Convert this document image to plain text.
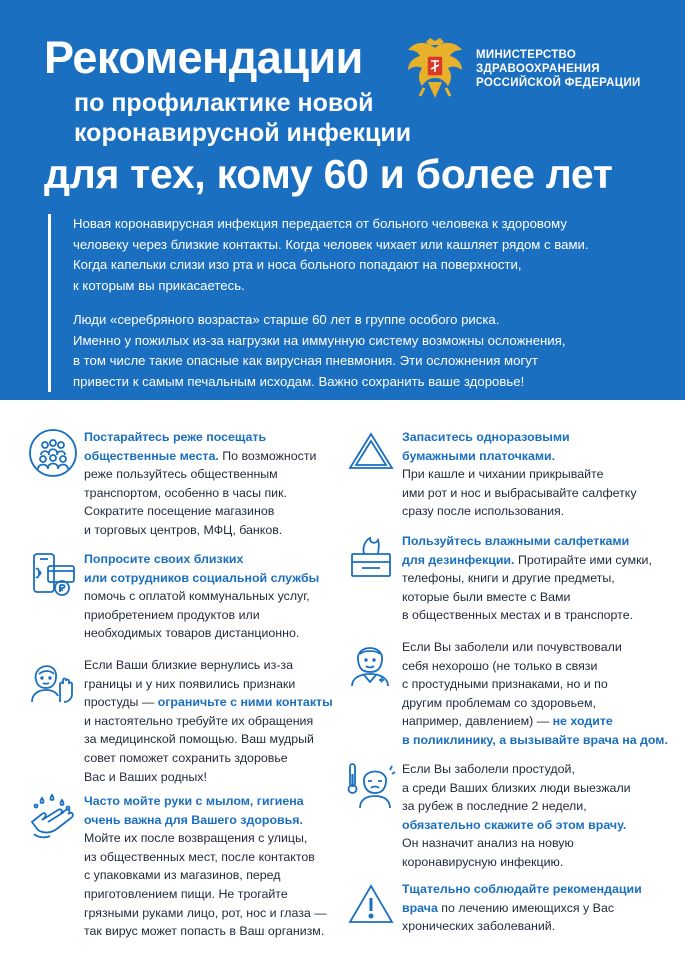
Рекомендации
по профилактике новой
коронавирусной инфекции
для тех, кому 60 и более лет
МИНИСТЕРСТВО
ЗДРАВООХРАНЕНИЯ
РОССИЙСКОЙ ФЕДЕРАЦИИ

Новая коронавирусная инфекция передается от больного человека к здоровому
человеку через близкие контакты. Когда человек чихает или кашляет рядом с вами.
Когда капельки слизи изо рта и носа больного попадают на поверхности,
к которым вы прикасаетесь.

Люди «серебряного возраста» старше 60 лет в группе особого риска.
Именно у пожилых из-за нагрузки на иммунную систему возможны осложнения,
в том числе такие опасные как вирусная пневмония. Эти осложнения могут
привести к самым печальным исходам. Важно сохранить ваше здоровье!

Постарайтесь реже посещать
общественные места. По возможности
реже пользуйтесь общественным
транспортом, особенно в часы пик.
Сократите посещение магазинов
и торговых центров, МФЦ, банков.
Попросите своих близких
или сотрудников социальной службы
помочь с оплатой коммунальных услуг,
приобретением продуктов или
необходимых товаров дистанционно.
Если Ваши близкие вернулись из-за
границы и у них появились признаки
простуды — ограничьте с ними контакты
и настоятельно требуйте их обращения
за медицинской помощью. Ваш мудрый
совет поможет сохранить здоровье
Вас и Ваших родных!
Часто мойте руки с мылом, гигиена
очень важна для Вашего здоровья.
Мойте их после возвращения с улицы,
из общественных мест, после контактов
с упаковками из магазинов, перед
приготовлением пищи. Не трогайте
грязными руками лицо, рот, нос и глаза —
так вирус может попасть в Ваш организм.
Запаситесь одноразовыми
бумажными платочками.
При кашле и чихании прикрывайте
ими рот и нос и выбрасывайте салфетку
сразу после использования.
Пользуйтесь влажными салфетками
для дезинфекции. Протирайте ими сумки,
телефоны, книги и другие предметы,
которые были вместе с Вами
в общественных местах и в транспорте.
Если Вы заболели или почувствовали
себя нехорошо (не только в связи
с простудными признаками, но и по
другим проблемам со здоровьем,
например, давлением) — не ходите
в поликлинику, а вызывайте врача на дом.
Если Вы заболели простудой,
а среди Ваших близких люди выезжали
за рубеж в последние 2 недели,
обязательно скажите об этом врачу.
Он назначит анализ на новую
коронавирусную инфекцию.
Тщательно соблюдайте рекомендации
врача по лечению имеющихся у Вас
хронических заболеваний.
